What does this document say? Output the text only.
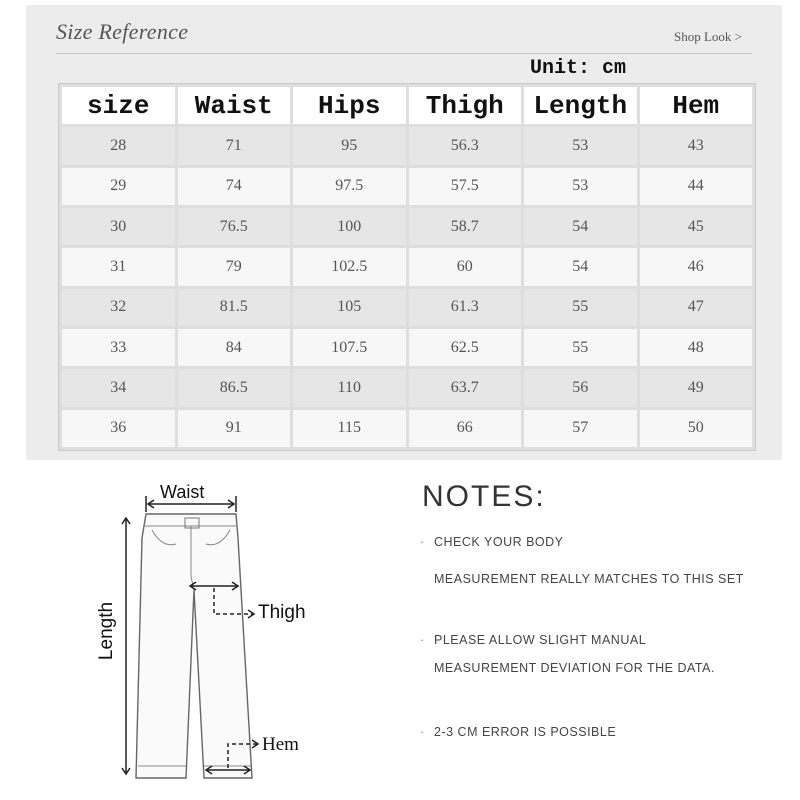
Size Reference	Shop Look >
Unit: cm
size	Waist	Hips	Thigh	Length	Hem
28	71	95	56.3	53	43
29	74	97.5	57.5	53	44
30	76.5	100	58.7	54	45
31	79	102.5	60	54	46
32	81.5	105	61.3	55	47
33	84	107.5	62.5	55	48
34	86.5	110	63.7	56	49
36	91	115	66	57	50
Waist
Thigh
Hem
Length
NOTES:
· CHECK YOUR BODY
MEASUREMENT REALLY MATCHES TO THIS SET
· PLEASE ALLOW SLIGHT MANUAL
MEASUREMENT DEVIATION FOR THE DATA.
· 2-3 CM ERROR IS POSSIBLE
